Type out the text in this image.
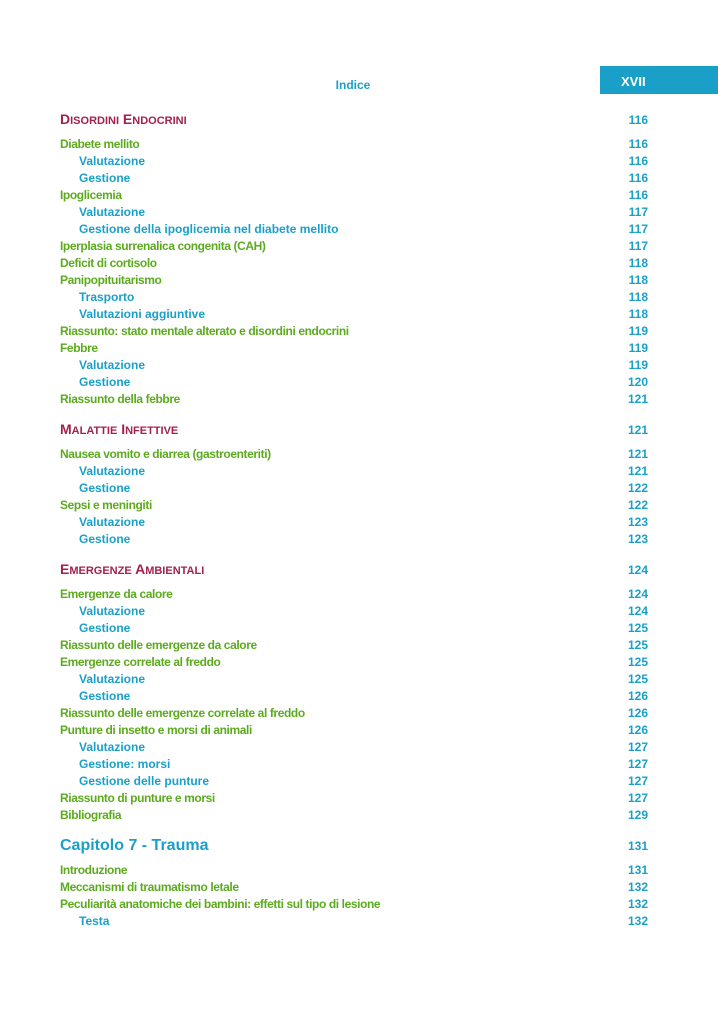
Indice	XVII
DISORDINI ENDOCRINI	116
Diabete mellito	116
Valutazione	116
Gestione	116
Ipoglicemia	116
Valutazione	117
Gestione della ipoglicemia nel diabete mellito	117
Iperplasia surrenalica congenita (CAH)	117
Deficit di cortisolo	118
Panipopituitarismo	118
Trasporto	118
Valutazioni aggiuntive	118
Riassunto: stato mentale alterato e disordini endocrini	119
Febbre	119
Valutazione	119
Gestione	120
Riassunto della febbre	121
MALATTIE INFETTIVE	121
Nausea vomito e diarrea (gastroenteriti)	121
Valutazione	121
Gestione	122
Sepsi e meningiti	122
Valutazione	123
Gestione	123
EMERGENZE AMBIENTALI	124
Emergenze da calore	124
Valutazione	124
Gestione	125
Riassunto delle emergenze da calore	125
Emergenze correlate al freddo	125
Valutazione	125
Gestione	126
Riassunto delle emergenze correlate al freddo	126
Punture di insetto e morsi di animali	126
Valutazione	127
Gestione: morsi	127
Gestione delle punture	127
Riassunto di punture e morsi	127
Bibliografia	129
Capitolo 7 - Trauma	131
Introduzione	131
Meccanismi di traumatismo letale	132
Peculiarità anatomiche dei bambini: effetti sul tipo di lesione	132
Testa	132
